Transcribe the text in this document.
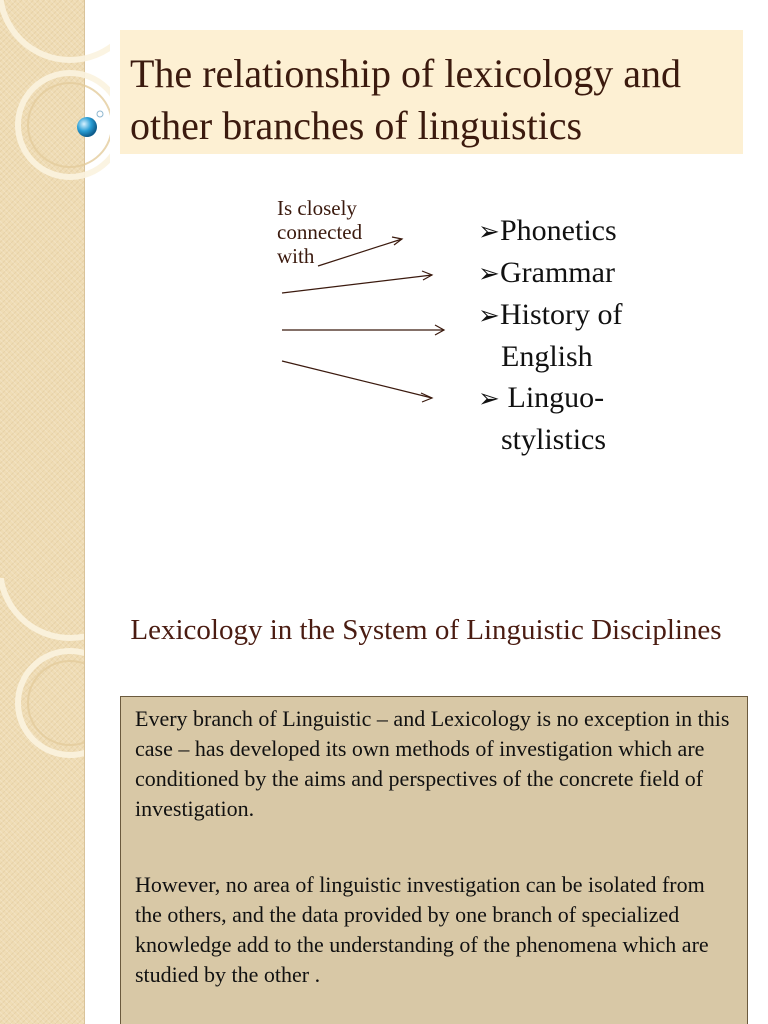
The relationship of lexicology and other branches of linguistics
Is closely connected with
➢Phonetics
➢Grammar
➢History of
English
➢ Linguo-
stylistics
Lexicology in the System of Linguistic Disciplines

Every branch of Linguistic – and Lexicology is no exception in this case – has developed its own methods of investigation which are conditioned by the aims and perspectives of the concrete field of investigation.

However, no area of linguistic investigation can be isolated from the others, and the data provided by one branch of specialized knowledge add to the understanding of the phenomena which are studied by the other .
